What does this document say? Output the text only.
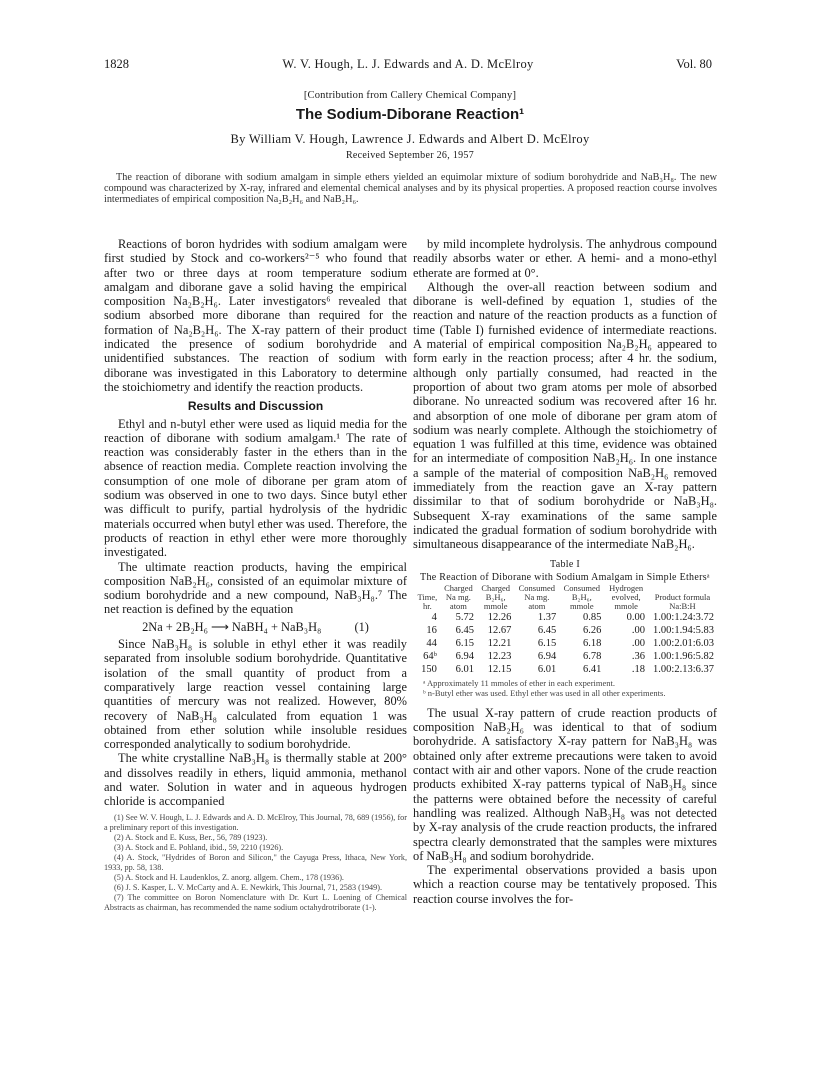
1828	W. V. Hough, L. J. Edwards and A. D. McElroy	Vol. 80
[Contribution from Callery Chemical Company]
The Sodium-Diborane Reaction¹
By William V. Hough, Lawrence J. Edwards and Albert D. McElroy
Received September 26, 1957

The reaction of diborane with sodium amalgam in simple ethers yielded an equimolar mixture of sodium borohydride and NaB₃H₈. The new compound was characterized by X-ray, infrared and elemental chemical analyses and by its physical properties. A proposed reaction course involves intermediates of empirical composition Na₂B₂H₆ and NaB₂H₆.

Reactions of boron hydrides with sodium amalgam were first studied by Stock and co-workers²⁻⁵ who found that after two or three days at room temperature sodium amalgam and diborane gave a solid having the empirical composition Na₂B₂H₆. Later investigators⁶ revealed that sodium absorbed more diborane than required for the formation of Na₂B₂H₆. The X-ray pattern of their product indicated the presence of sodium borohydride and unidentified substances. The reaction of sodium with diborane was investigated in this Laboratory to determine the stoichiometry and identify the reaction products.

Results and Discussion

Ethyl and n-butyl ether were used as liquid media for the reaction of diborane with sodium amalgam.¹ The rate of reaction was considerably faster in the ethers than in the absence of reaction media. Complete reaction involving the consumption of one mole of diborane per gram atom of sodium was observed in one to two days. Since butyl ether was difficult to purify, partial hydrolysis of the hydridic materials occurred when butyl ether was used. Therefore, the products of reaction in ethyl ether were more thoroughly investigated.

The ultimate reaction products, having the empirical composition NaB₂H₆, consisted of an equimolar mixture of sodium borohydride and a new compound, NaB₃H₈.⁷ The net reaction is defined by the equation

2Na + 2B₂H₆ ⟶ NaBH₄ + NaB₃H₈	(1)

Since NaB₃H₈ is soluble in ethyl ether it was readily separated from insoluble sodium borohydride. Quantitative isolation of the small quantity of product from a comparatively large reaction vessel containing large quantities of mercury was not realized. However, 80% recovery of NaB₃H₈ calculated from equation 1 was obtained from ether solution while insoluble residues corresponded analytically to sodium borohydride.

The white crystalline NaB₃H₈ is thermally stable at 200° and dissolves readily in ethers, liquid ammonia, methanol and water. Solution in water and in aqueous hydrogen chloride is accompanied

(1) See W. V. Hough, L. J. Edwards and A. D. McElroy, This Journal, 78, 689 (1956), for a preliminary report of this investigation.

(2) A. Stock and E. Kuss, Ber., 56, 789 (1923).

(3) A. Stock and E. Pohland, ibid., 59, 2210 (1926).

(4) A. Stock, "Hydrides of Boron and Silicon," the Cayuga Press, Ithaca, New York, 1933, pp. 58, 138.

(5) A. Stock and H. Laudenklos, Z. anorg. allgem. Chem., 178 (1936).

(6) J. S. Kasper, L. V. McCarty and A. E. Newkirk, This Journal, 71, 2583 (1949).

(7) The committee on Boron Nomenclature with Dr. Kurt L. Loening of Chemical Abstracts as chairman, has recommended the name sodium octahydrotriborate (1-).

by mild incomplete hydrolysis. The anhydrous compound readily absorbs water or ether. A hemi- and a mono-ethyl etherate are formed at 0°.

Although the over-all reaction between sodium and diborane is well-defined by equation 1, studies of the reaction and nature of the reaction products as a function of time (Table I) furnished evidence of intermediate reactions. A material of empirical composition Na₂B₂H₆ appeared to form early in the reaction process; after 4 hr. the sodium, although only partially consumed, had reacted in the proportion of about two gram atoms per mole of absorbed diborane. No unreacted sodium was recovered after 16 hr. and absorption of one mole of diborane per gram atom of sodium was nearly complete. Although the stoichiometry of equation 1 was fulfilled at this time, evidence was obtained for an intermediate of composition NaB₂H₆. In one instance a sample of the material of composition NaB₂H₆ removed immediately from the reaction gave an X-ray pattern dissimilar to that of sodium borohydride or NaB₃H₈. Subsequent X-ray examinations of the same sample indicated the gradual formation of sodium borohydride with simultaneous disappearance of the intermediate NaB₂H₆.

Table I
The Reaction of Diborane with Sodium Amalgam in Simple Ethersᵃ
Time, hr.	Charged Na mg. atom	Charged B₂H₆, mmole	Consumed Na mg. atom	Consumed B₂H₆, mmole	Hydrogen evolved, mmole	Product formula Na:B:H
4	5.72	12.26	1.37	0.85	0.00	1.00:1.24:3.72
16	6.45	12.67	6.45	6.26	.00	1.00:1.94:5.83
44	6.15	12.21	6.15	6.18	.00	1.00:2.01:6.03
64ᵇ	6.94	12.23	6.94	6.78	.36	1.00:1.96:5.82
150	6.01	12.15	6.01	6.41	.18	1.00:2.13:6.37

ᵃ Approximately 11 mmoles of ether in each experiment.

ᵇ n-Butyl ether was used. Ethyl ether was used in all other experiments.

The usual X-ray pattern of crude reaction products of composition NaB₂H₆ was identical to that of sodium borohydride. A satisfactory X-ray pattern for NaB₃H₈ was obtained only after extreme precautions were taken to avoid contact with air and other vapors. None of the crude reaction products exhibited X-ray patterns typical of NaB₃H₈ since the patterns were obtained before the necessity of careful handling was realized. Although NaB₃H₈ was not detected by X-ray analysis of the crude reaction products, the infrared spectra clearly demonstrated that the samples were mixtures of NaB₃H₈ and sodium borohydride.

The experimental observations provided a basis upon which a reaction course may be tentatively proposed. This reaction course involves the for-
